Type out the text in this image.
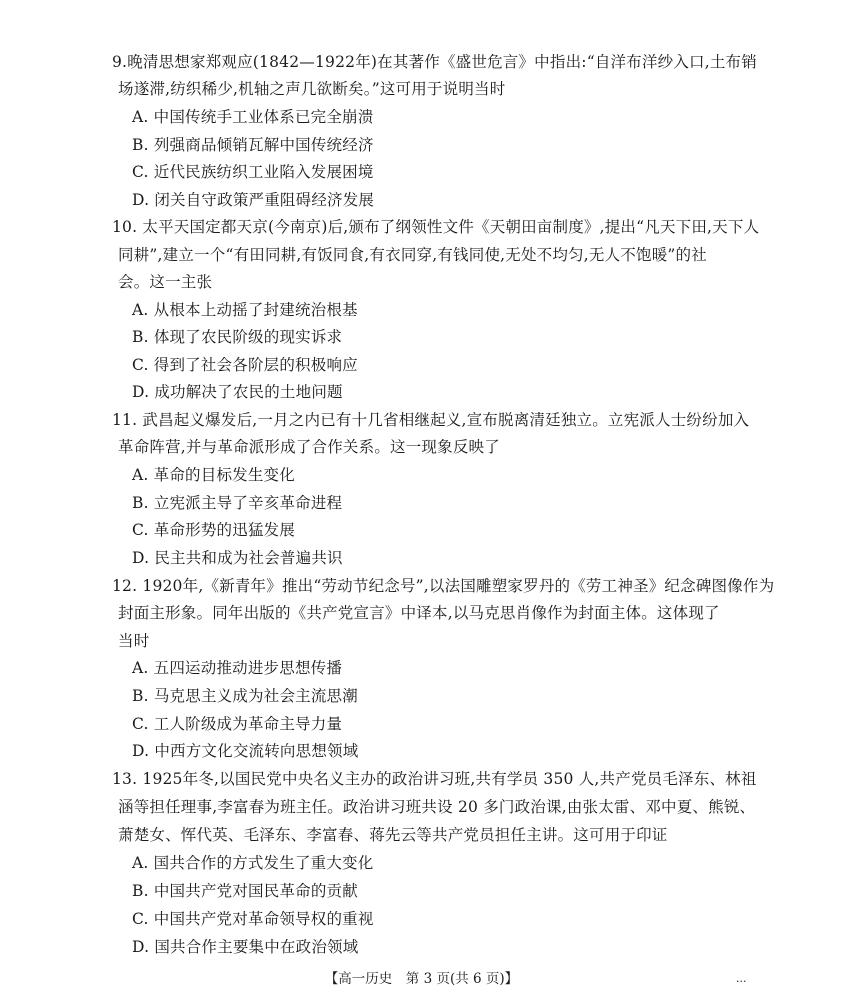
9.晚清思想家郑观应(1842—1922年)在其著作《盛世危言》中指出:“自洋布洋纱入口,土布销
场遂滞,纺织稀少,机轴之声几欲断矣。”这可用于说明当时
A. 中国传统手工业体系已完全崩溃
B. 列强商品倾销瓦解中国传统经济
C. 近代民族纺织工业陷入发展困境
D. 闭关自守政策严重阻碍经济发展
10. 太平天国定都天京(今南京)后,颁布了纲领性文件《天朝田亩制度》,提出“凡天下田,天下人
同耕”,建立一个“有田同耕,有饭同食,有衣同穿,有钱同使,无处不均匀,无人不饱暖”的社
会。这一主张
A. 从根本上动摇了封建统治根基
B. 体现了农民阶级的现实诉求
C. 得到了社会各阶层的积极响应
D. 成功解决了农民的土地问题
11. 武昌起义爆发后,一月之内已有十几省相继起义,宣布脱离清廷独立。立宪派人士纷纷加入
革命阵营,并与革命派形成了合作关系。这一现象反映了
A. 革命的目标发生变化
B. 立宪派主导了辛亥革命进程
C. 革命形势的迅猛发展
D. 民主共和成为社会普遍共识
12. 1920年,《新青年》推出“劳动节纪念号”,以法国雕塑家罗丹的《劳工神圣》纪念碑图像作为
封面主形象。同年出版的《共产党宣言》中译本,以马克思肖像作为封面主体。这体现了
当时
A. 五四运动推动进步思想传播
B. 马克思主义成为社会主流思潮
C. 工人阶级成为革命主导力量
D. 中西方文化交流转向思想领域
13. 1925年冬,以国民党中央名义主办的政治讲习班,共有学员 350 人,共产党员毛泽东、林祖
涵等担任理事,李富春为班主任。政治讲习班共设 20 多门政治课,由张太雷、邓中夏、熊锐、
萧楚女、恽代英、毛泽东、李富春、蒋先云等共产党员担任主讲。这可用于印证
A. 国共合作的方式发生了重大变化
B. 中国共产党对国民革命的贡献
C. 中国共产党对革命领导权的重视
D. 国共合作主要集中在政治领域
【高一历史　第 3 页(共 6 页)】	...
